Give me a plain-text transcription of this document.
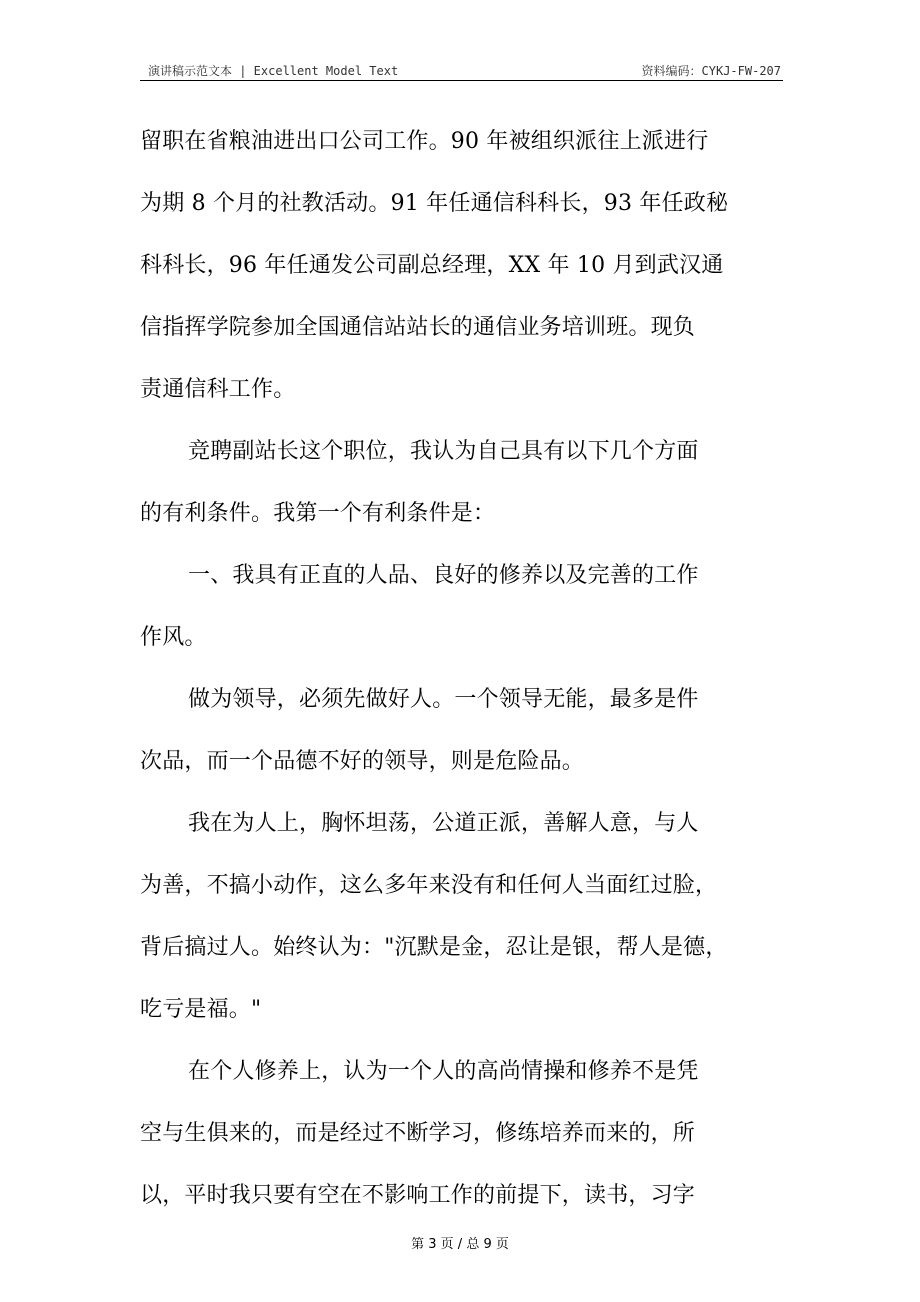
演讲稿示范文本 | Excellent Model Text	资料编码：CYKJ-FW-207
留职在省粮油进出口公司工作。90 年被组织派往上派进行
为期 8 个月的社教活动。91 年任通信科科长，93 年任政秘
科科长，96 年任通发公司副总经理，XX 年 10 月到武汉通
信指挥学院参加全国通信站站长的通信业务培训班。现负
责通信科工作。
竞聘副站长这个职位，我认为自己具有以下几个方面
的有利条件。我第一个有利条件是：
一、我具有正直的人品、良好的修养以及完善的工作
作风。
做为领导，必须先做好人。一个领导无能，最多是件
次品，而一个品德不好的领导，则是危险品。
我在为人上，胸怀坦荡，公道正派，善解人意，与人
为善，不搞小动作，这么多年来没有和任何人当面红过脸，
背后搞过人。始终认为："沉默是金，忍让是银，帮人是德，
吃亏是福。"
在个人修养上，认为一个人的高尚情操和修养不是凭
空与生俱来的，而是经过不断学习，修练培养而来的，所
以，平时我只要有空在不影响工作的前提下，读书，习字
第 3 页 / 总 9 页
